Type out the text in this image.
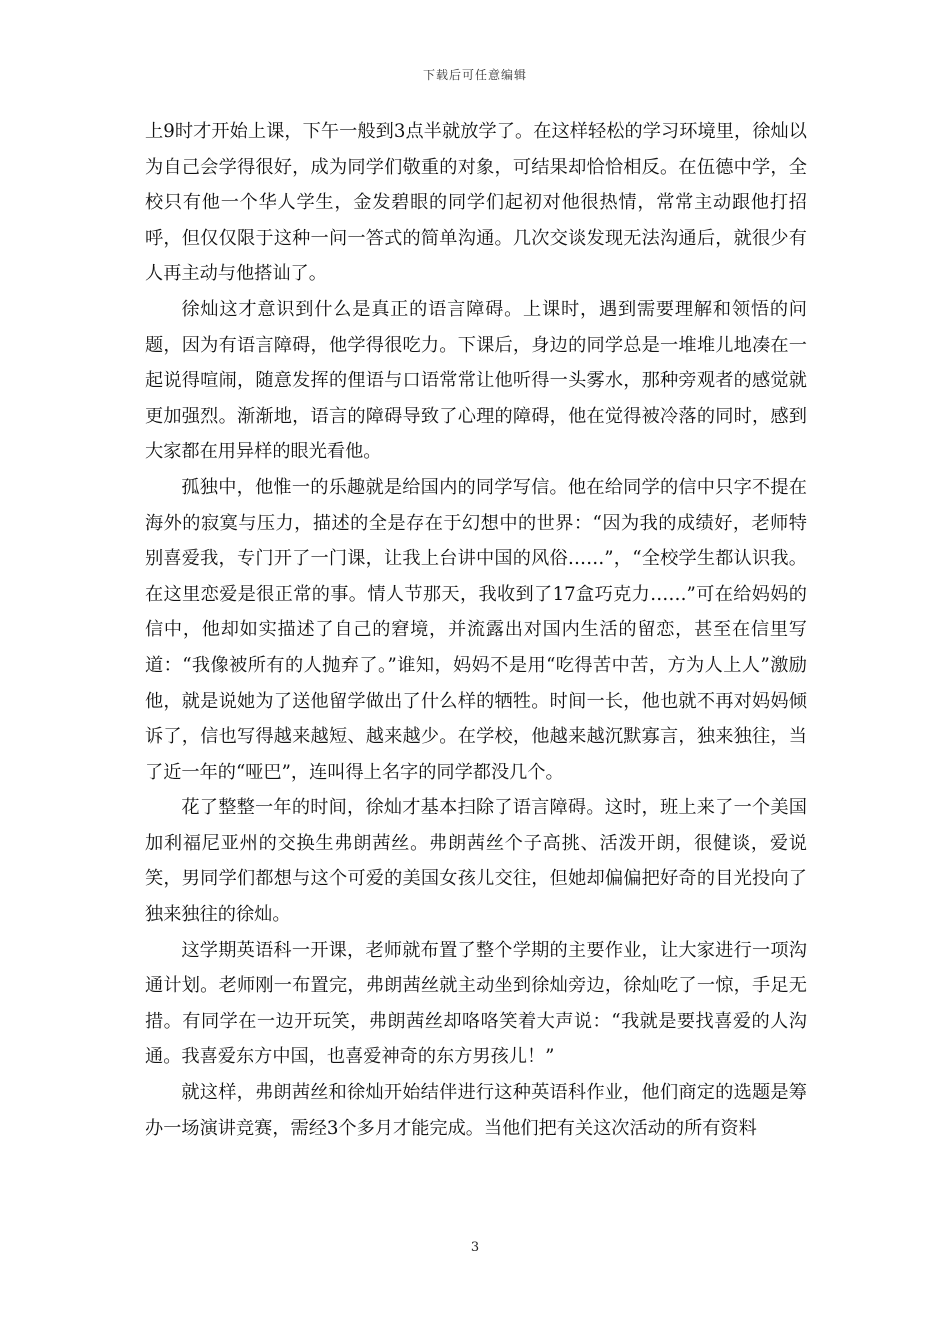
下载后可任意编辑

上9时才开始上课，下午一般到3点半就放学了。在这样轻松的学习环境里，徐灿以为自己会学得很好，成为同学们敬重的对象，可结果却恰恰相反。在伍德中学，全校只有他一个华人学生，金发碧眼的同学们起初对他很热情，常常主动跟他打招呼，但仅仅限于这种一问一答式的简单沟通。几次交谈发现无法沟通后，就很少有人再主动与他搭讪了。

徐灿这才意识到什么是真正的语言障碍。上课时，遇到需要理解和领悟的问题，因为有语言障碍，他学得很吃力。下课后，身边的同学总是一堆堆儿地凑在一起说得喧闹，随意发挥的俚语与口语常常让他听得一头雾水，那种旁观者的感觉就更加强烈。渐渐地，语言的障碍导致了心理的障碍，他在觉得被冷落的同时，感到大家都在用异样的眼光看他。

孤独中，他惟一的乐趣就是给国内的同学写信。他在给同学的信中只字不提在海外的寂寞与压力，描述的全是存在于幻想中的世界：“因为我的成绩好，老师特别喜爱我，专门开了一门课，让我上台讲中国的风俗……”，“全校学生都认识我。在这里恋爱是很正常的事。情人节那天，我收到了17盒巧克力……”可在给妈妈的信中，他却如实描述了自己的窘境，并流露出对国内生活的留恋，甚至在信里写道：“我像被所有的人抛弃了。”谁知，妈妈不是用“吃得苦中苦，方为人上人”激励他，就是说她为了送他留学做出了什么样的牺牲。时间一长，他也就不再对妈妈倾诉了，信也写得越来越短、越来越少。在学校，他越来越沉默寡言，独来独往，当了近一年的“哑巴”，连叫得上名字的同学都没几个。

花了整整一年的时间，徐灿才基本扫除了语言障碍。这时，班上来了一个美国加利福尼亚州的交换生弗朗茜丝。弗朗茜丝个子高挑、活泼开朗，很健谈，爱说笑，男同学们都想与这个可爱的美国女孩儿交往，但她却偏偏把好奇的目光投向了独来独往的徐灿。

这学期英语科一开课，老师就布置了整个学期的主要作业，让大家进行一项沟通计划。老师刚一布置完，弗朗茜丝就主动坐到徐灿旁边，徐灿吃了一惊，手足无措。有同学在一边开玩笑，弗朗茜丝却咯咯笑着大声说：“我就是要找喜爱的人沟通。我喜爱东方中国，也喜爱神奇的东方男孩儿！”

就这样，弗朗茜丝和徐灿开始结伴进行这种英语科作业，他们商定的选题是筹办一场演讲竞赛，需经3个多月才能完成。当他们把有关这次活动的所有资料

3
